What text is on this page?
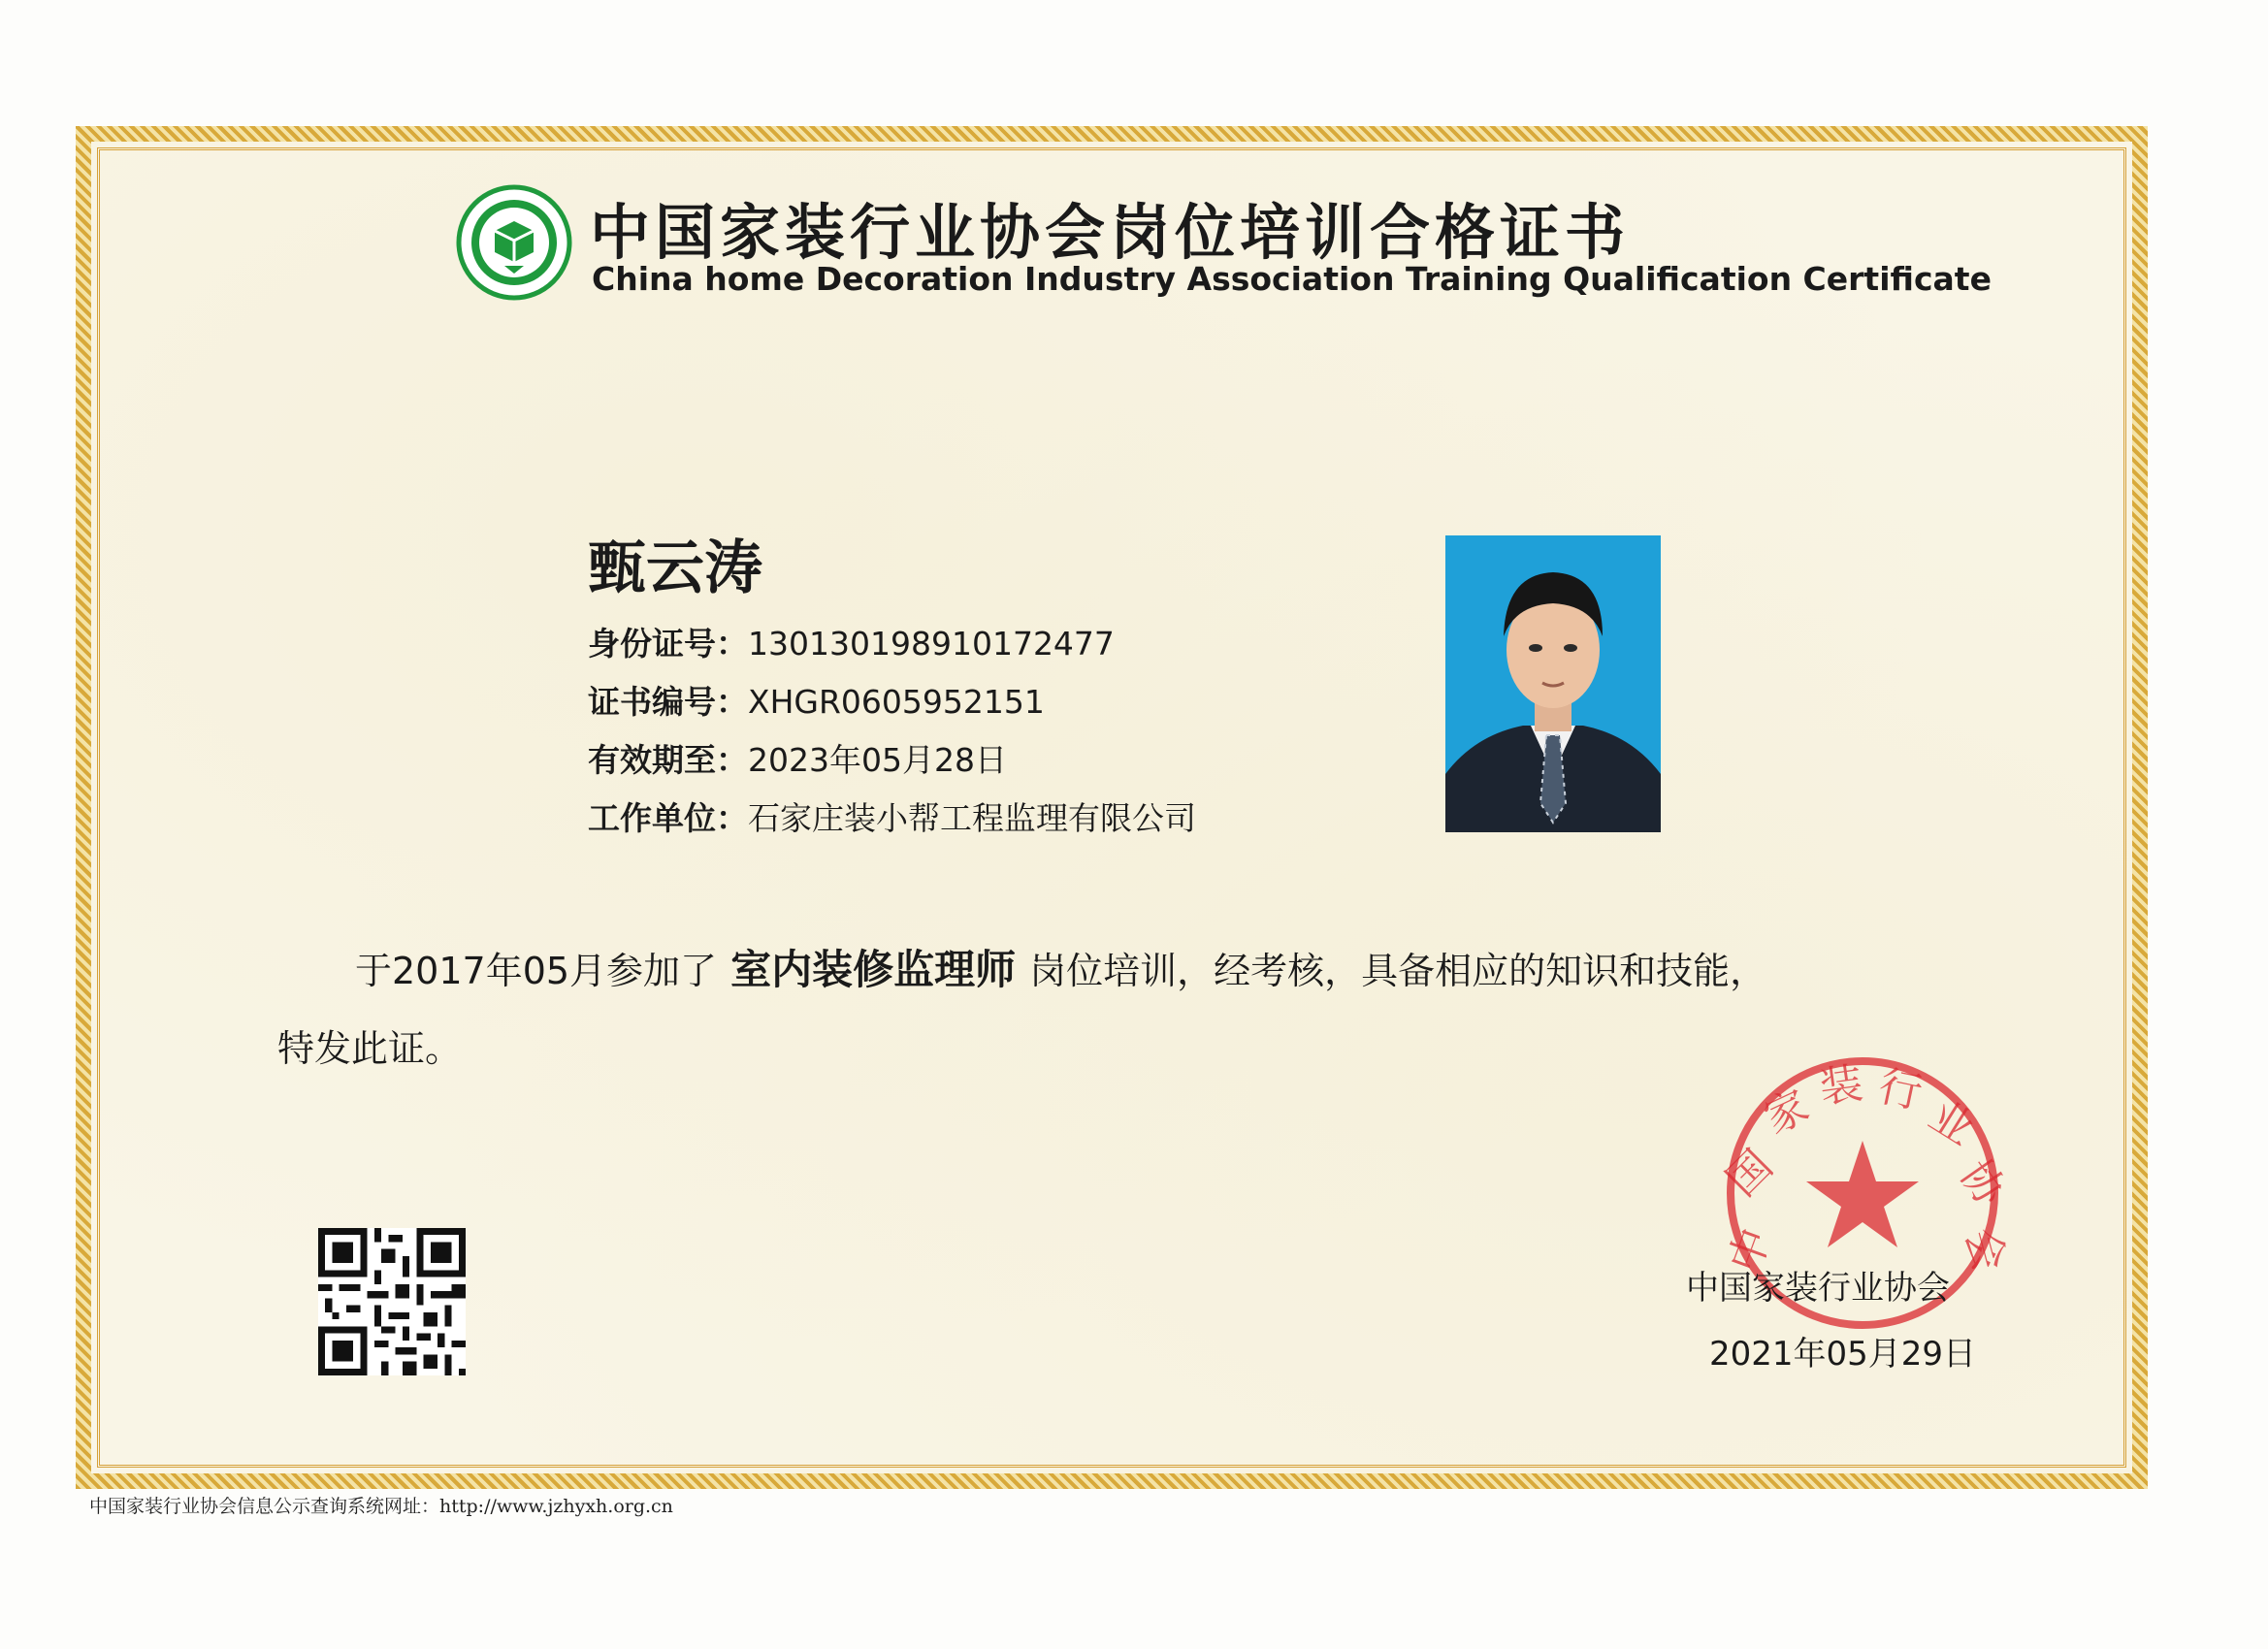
中国家装行业协会岗位培训合格证书
China home Decoration Industry Association Training Qualification Certificate
甄云涛
身份证号：130130198910172477
证书编号：XHGR0605952151
有效期至：2023年05月28日
工作单位：石家庄装小帮工程监理有限公司
于2017年05月参加了 室内装修监理师 岗位培训，经考核，具备相应的知识和技能，
特发此证。
中
国
家 装 行
业
协
会
中国家装行业协会
2021年05月29日
中国家装行业协会信息公示查询系统网址：http://www.jzhyxh.org.cn
